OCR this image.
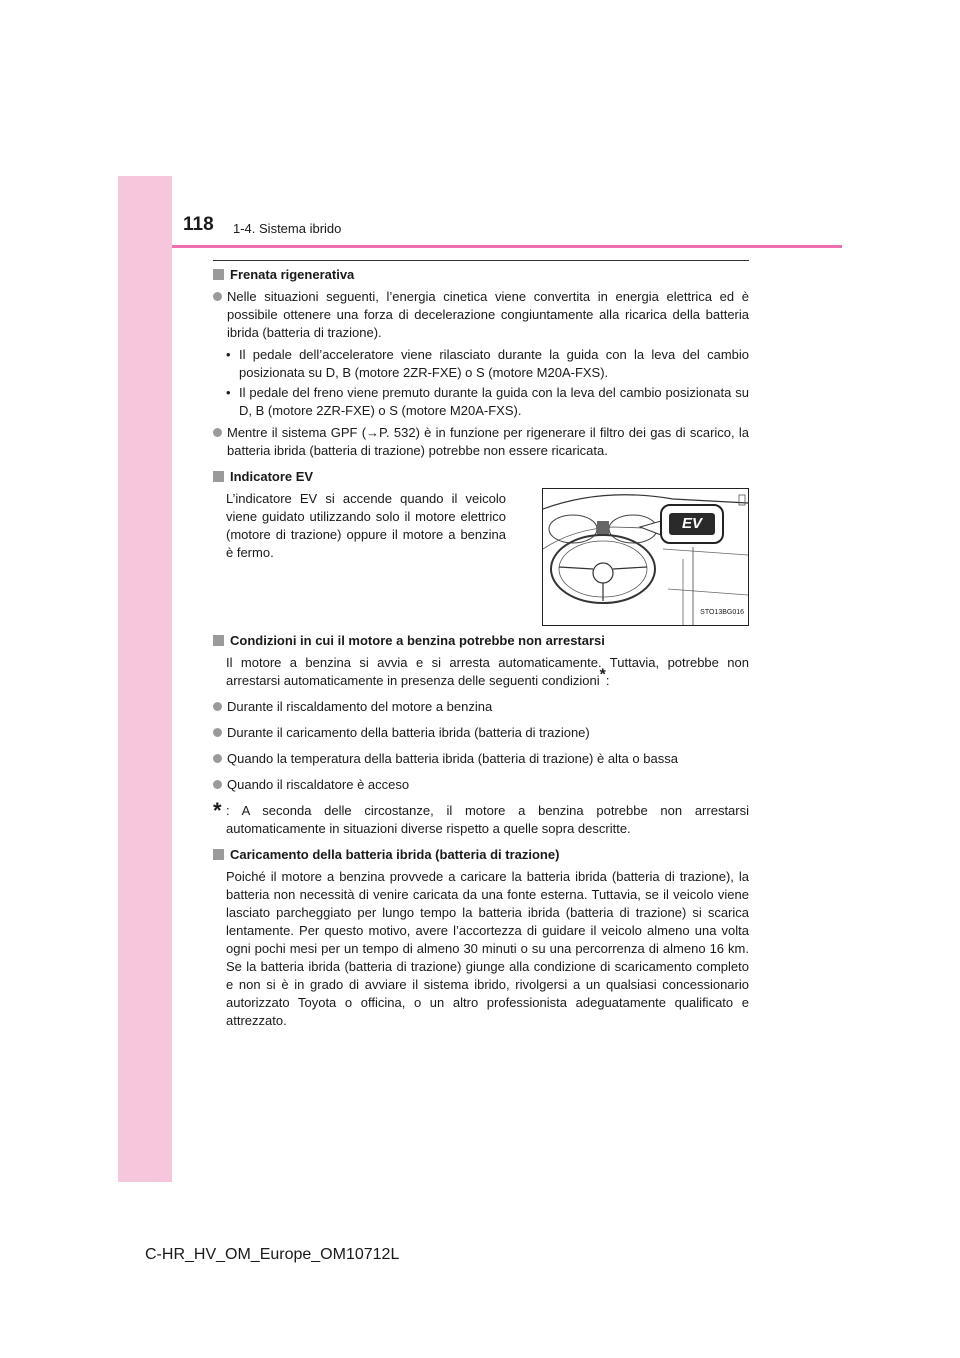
118 1-4. Sistema ibrido
Frenata rigenerativa
Nelle situazioni seguenti, l’energia cinetica viene convertita in energia elettrica ed è possibile ottenere una forza di decelerazione congiuntamente alla ricarica della batteria ibrida (batteria di trazione).
• Il pedale dell’acceleratore viene rilasciato durante la guida con la leva del cambio posizionata su D, B (motore 2ZR-FXE) o S (motore M20A-FXS).
• Il pedale del freno viene premuto durante la guida con la leva del cambio posizionata su D, B (motore 2ZR-FXE) o S (motore M20A-FXS).
Mentre il sistema GPF (→P. 532) è in funzione per rigenerare il filtro dei gas di scarico, la batteria ibrida (batteria di trazione) potrebbe non essere ricaricata.
Indicatore EV
L’indicatore EV si accende quando il veicolo viene guidato utilizzando solo il motore elettrico (motore di trazione) oppure il motore a benzina è fermo.
EV
STO13BG016
Condizioni in cui il motore a benzina potrebbe non arrestarsi
Il motore a benzina si avvia e si arresta automaticamente. Tuttavia, potrebbe non arrestarsi automaticamente in presenza delle seguenti condizioni*:
Durante il riscaldamento del motore a benzina
Durante il caricamento della batteria ibrida (batteria di trazione)
Quando la temperatura della batteria ibrida (batteria di trazione) è alta o bassa
Quando il riscaldatore è acceso
* : A seconda delle circostanze, il motore a benzina potrebbe non arrestarsi automaticamente in situazioni diverse rispetto a quelle sopra descritte.
Caricamento della batteria ibrida (batteria di trazione)
Poiché il motore a benzina provvede a caricare la batteria ibrida (batteria di trazione), la batteria non necessità di venire caricata da una fonte esterna. Tuttavia, se il veicolo viene lasciato parcheggiato per lungo tempo la batteria ibrida (batteria di trazione) si scarica lentamente. Per questo motivo, avere l’accortezza di guidare il veicolo almeno una volta ogni pochi mesi per un tempo di almeno 30 minuti o su una percorrenza di almeno 16 km. Se la batteria ibrida (batteria di trazione) giunge alla condizione di scaricamento completo e non si è in grado di avviare il sistema ibrido, rivolgersi a un qualsiasi concessionario autorizzato Toyota o officina, o un altro professionista adeguatamente qualificato e attrezzato.
C-HR_HV_OM_Europe_OM10712L
